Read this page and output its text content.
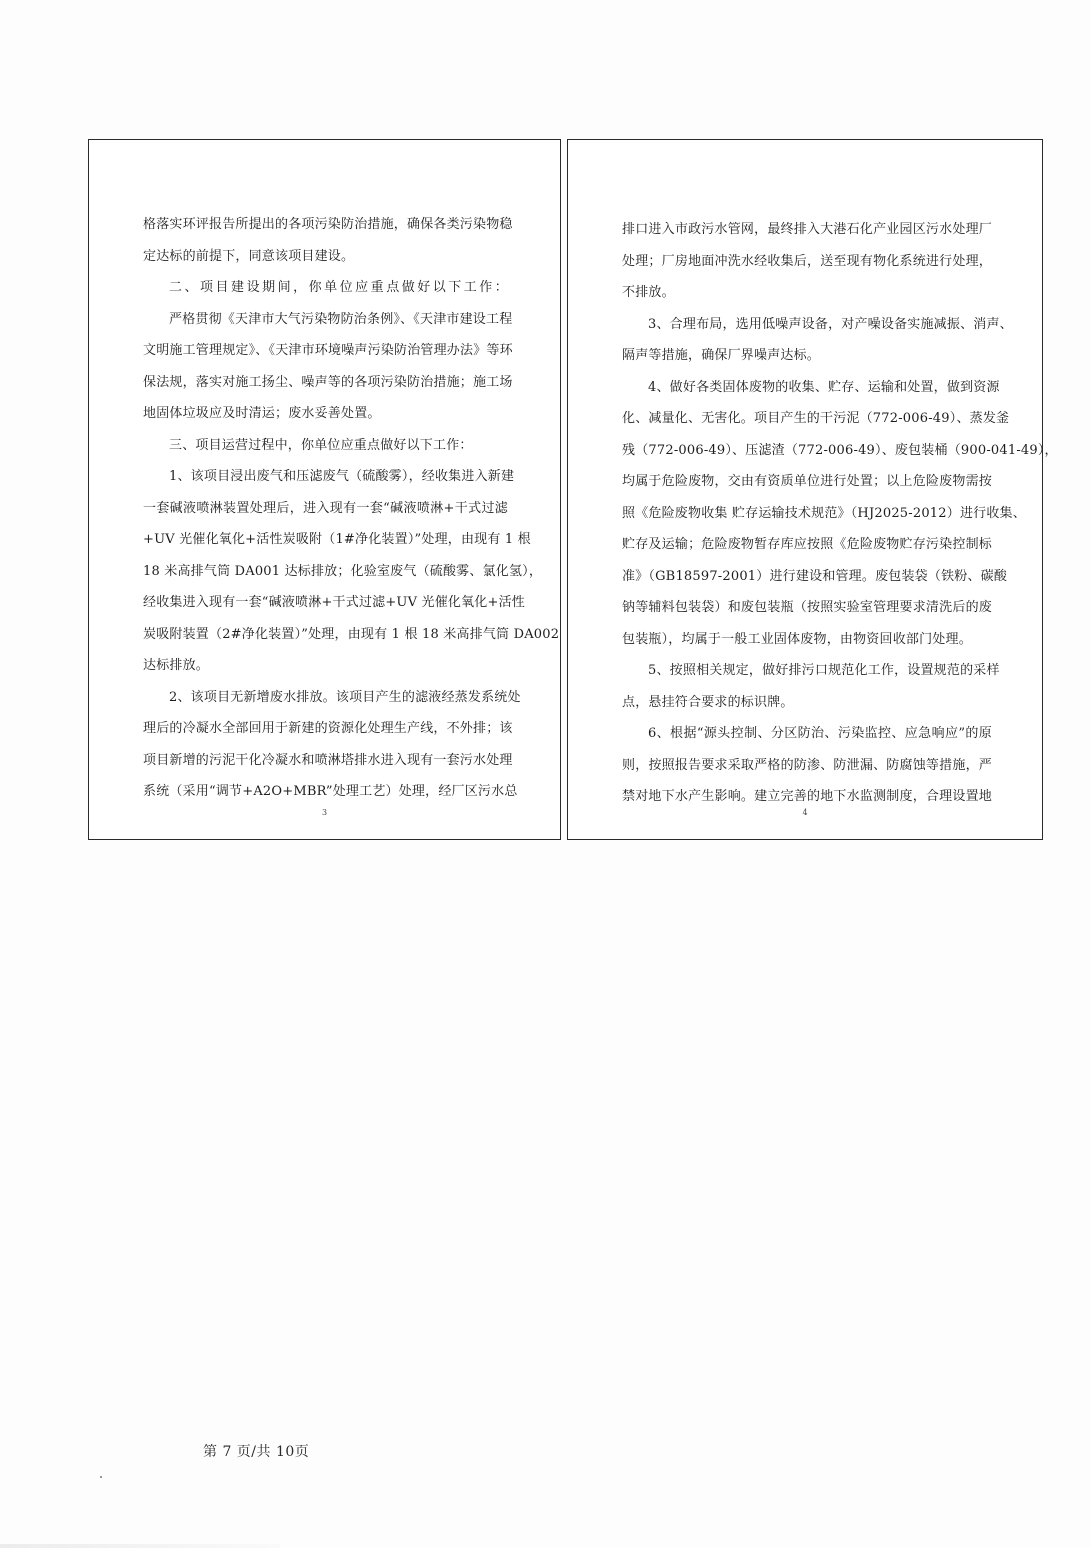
格落实环评报告所提出的各项污染防治措施，确保各类污染物稳
定达标的前提下，同意该项目建设。
二、项目建设期间，你单位应重点做好以下工作：
严格贯彻《天津市大气污染物防治条例》、《天津市建设工程
文明施工管理规定》、《天津市环境噪声污染防治管理办法》等环
保法规，落实对施工扬尘、噪声等的各项污染防治措施；施工场
地固体垃圾应及时清运；废水妥善处置。
三、项目运营过程中，你单位应重点做好以下工作：
1、该项目浸出废气和压滤废气（硫酸雾），经收集进入新建
一套碱液喷淋装置处理后，进入现有一套“碱液喷淋+干式过滤
+UV 光催化氧化+活性炭吸附（1#净化装置）”处理，由现有 1 根
18 米高排气筒 DA001 达标排放；化验室废气（硫酸雾、氯化氢），
经收集进入现有一套“碱液喷淋+干式过滤+UV 光催化氧化+活性
炭吸附装置（2#净化装置）”处理，由现有 1 根 18 米高排气筒 DA002
达标排放。
2、该项目无新增废水排放。该项目产生的滤液经蒸发系统处
理后的冷凝水全部回用于新建的资源化处理生产线，不外排；该
项目新增的污泥干化冷凝水和喷淋塔排水进入现有一套污水处理
系统（采用“调节+A2O+MBR”处理工艺）处理，经厂区污水总
3
排口进入市政污水管网，最终排入大港石化产业园区污水处理厂
处理；厂房地面冲洗水经收集后，送至现有物化系统进行处理，
不排放。
3、合理布局，选用低噪声设备，对产噪设备实施减振、消声、
隔声等措施，确保厂界噪声达标。
4、做好各类固体废物的收集、贮存、运输和处置，做到资源
化、减量化、无害化。项目产生的干污泥（772-006-49）、蒸发釜
残（772-006-49）、压滤渣（772-006-49）、废包装桶（900-041-49），
均属于危险废物，交由有资质单位进行处置；以上危险废物需按
照《危险废物收集 贮存运输技术规范》（HJ2025-2012）进行收集、
贮存及运输；危险废物暂存库应按照《危险废物贮存污染控制标
准》（GB18597-2001）进行建设和管理。废包装袋（铁粉、碳酸
钠等辅料包装袋）和废包装瓶（按照实验室管理要求清洗后的废
包装瓶），均属于一般工业固体废物，由物资回收部门处理。
5、按照相关规定，做好排污口规范化工作，设置规范的采样
点，悬挂符合要求的标识牌。
6、根据“源头控制、分区防治、污染监控、应急响应”的原
则，按照报告要求采取严格的防渗、防泄漏、防腐蚀等措施，严
禁对地下水产生影响。建立完善的地下水监测制度，合理设置地
4
第 7 页/共 10页
